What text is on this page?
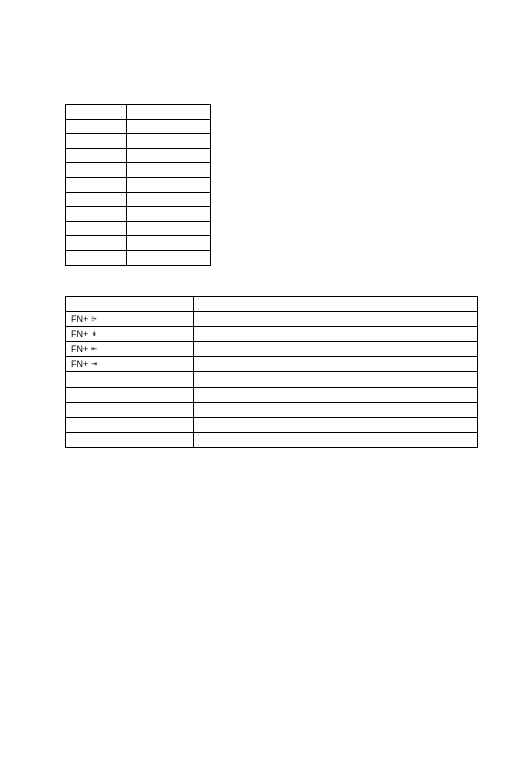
FN+ ⩥	
FN+ ↡	
FN+ ⇤	
FN+ ⇥	
